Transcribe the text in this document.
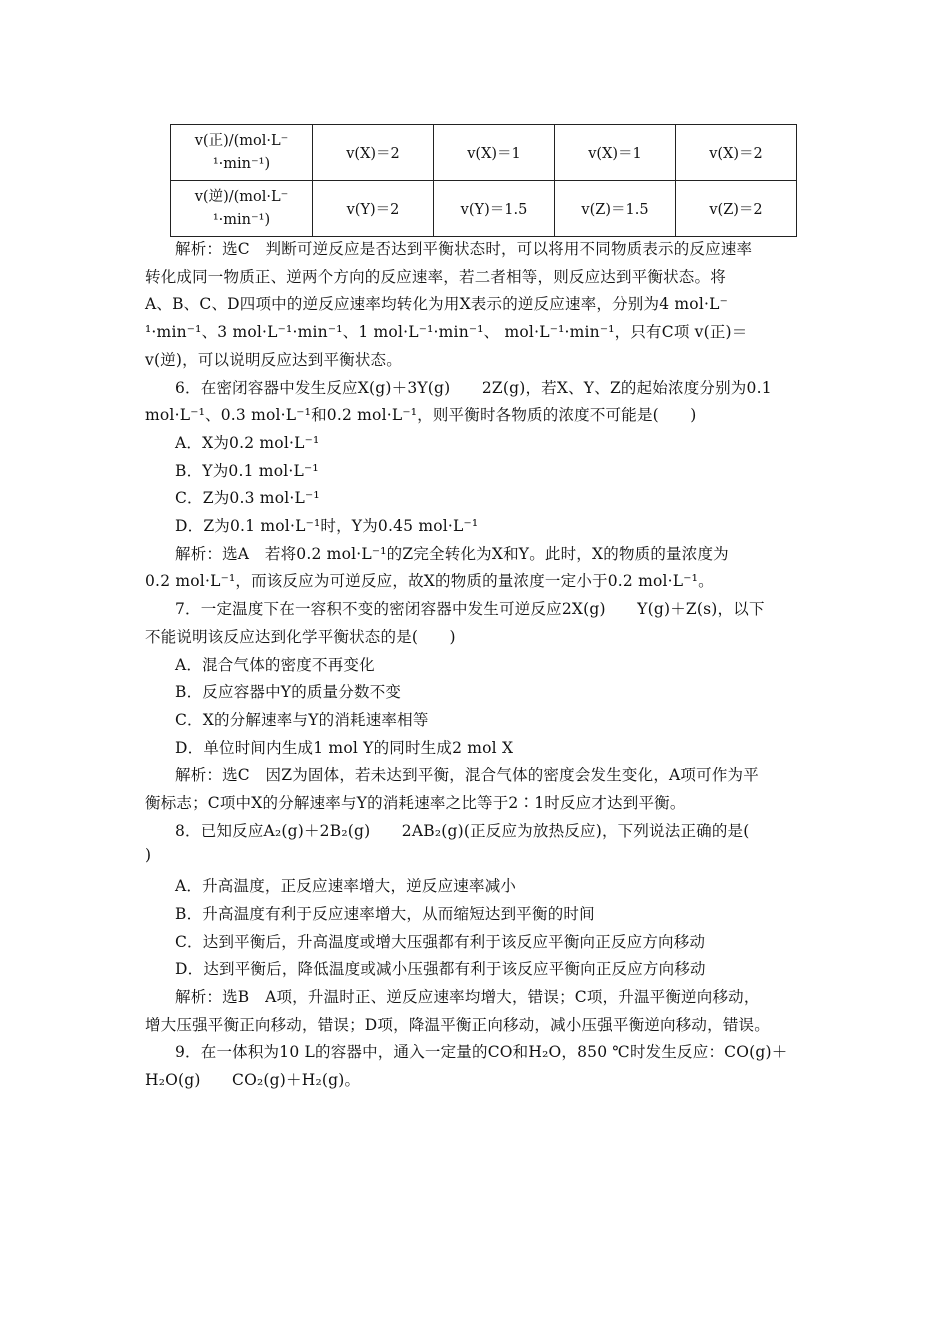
v(正)/(mol·L⁻
¹·min⁻¹)	v(X)＝2	v(X)＝1	v(X)＝1	v(X)＝2

v(逆)/(mol·L⁻
¹·min⁻¹)	v(Y)＝2	v(Y)＝1.5	v(Z)＝1.5	v(Z)＝2
解析：选C　判断可逆反应是否达到平衡状态时，可以将用不同物质表示的反应速率
转化成同一物质正、逆两个方向的反应速率，若二者相等，则反应达到平衡状态。将
A、B、C、D四项中的逆反应速率均转化为用X表示的逆反应速率，分别为4 mol·L⁻
¹·min⁻¹、3 mol·L⁻¹·min⁻¹、1 mol·L⁻¹·min⁻¹、 mol·L⁻¹·min⁻¹，只有C项 v(正)＝
v(逆)，可以说明反应达到平衡状态。
6．在密闭容器中发生反应X(g)＋3Y(g)　　2Z(g)，若X、Y、Z的起始浓度分别为0.1
mol·L⁻¹、0.3 mol·L⁻¹和0.2 mol·L⁻¹，则平衡时各物质的浓度不可能是(　　)
A．X为0.2 mol·L⁻¹
B．Y为0.1 mol·L⁻¹
C．Z为0.3 mol·L⁻¹
D．Z为0.1 mol·L⁻¹时，Y为0.45 mol·L⁻¹
解析：选A　若将0.2 mol·L⁻¹的Z完全转化为X和Y。此时，X的物质的量浓度为
0.2 mol·L⁻¹，而该反应为可逆反应，故X的物质的量浓度一定小于0.2 mol·L⁻¹。
7．一定温度下在一容积不变的密闭容器中发生可逆反应2X(g)　　Y(g)＋Z(s)，以下
不能说明该反应达到化学平衡状态的是(　　)
A．混合气体的密度不再变化
B．反应容器中Y的质量分数不变
C．X的分解速率与Y的消耗速率相等
D．单位时间内生成1 mol Y的同时生成2 mol X
解析：选C　因Z为固体，若未达到平衡，混合气体的密度会发生变化，A项可作为平
衡标志；C项中X的分解速率与Y的消耗速率之比等于2∶1时反应才达到平衡。
8．已知反应A₂(g)＋2B₂(g)　　2AB₂(g)(正反应为放热反应)，下列说法正确的是(
)
A．升高温度，正反应速率增大，逆反应速率减小
B．升高温度有利于反应速率增大，从而缩短达到平衡的时间
C．达到平衡后，升高温度或增大压强都有利于该反应平衡向正反应方向移动
D．达到平衡后，降低温度或减小压强都有利于该反应平衡向正反应方向移动
解析：选B　A项，升温时正、逆反应速率均增大，错误；C项，升温平衡逆向移动，
增大压强平衡正向移动，错误；D项，降温平衡正向移动，减小压强平衡逆向移动，错误。
9．在一体积为10 L的容器中，通入一定量的CO和H₂O，850 ℃时发生反应：CO(g)＋
H₂O(g)　　CO₂(g)＋H₂(g)。
